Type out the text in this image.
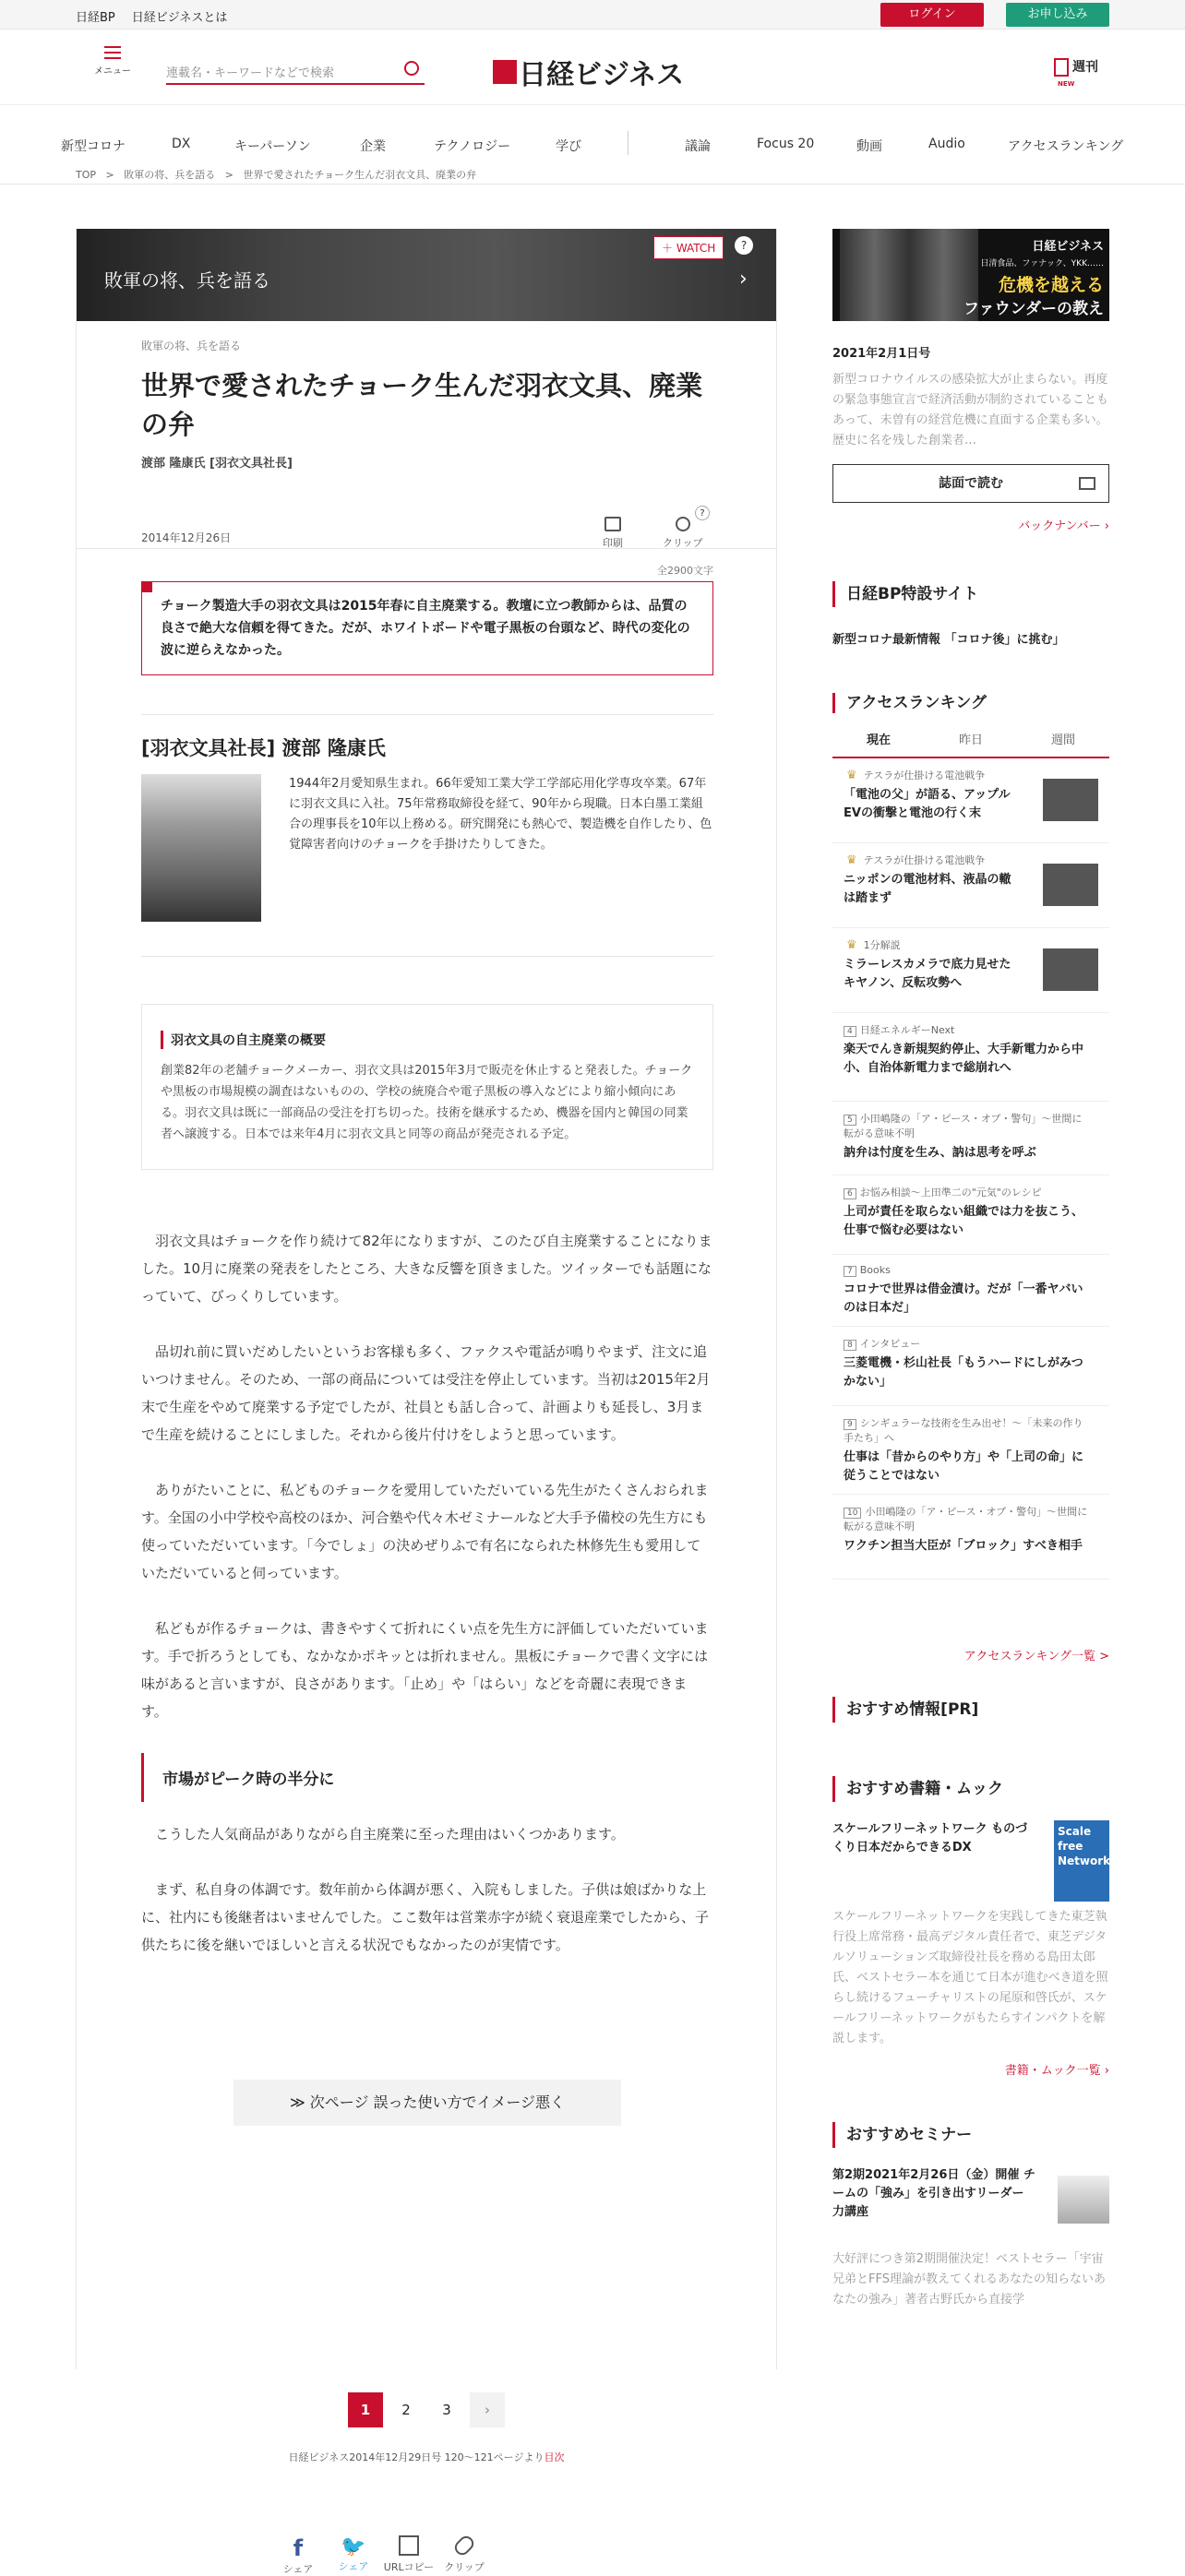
日経BP 日経ビジネスとは	ログイン	お申し込み
メニュー	連載名・キーワードなどで検索	日経ビジネス	NEW
週刊
新型コロナ	DX	キーパーソン	企業	テクノロジー	学び	議論	Focus 20	動画	Audio	アクセスランキング
TOP > 敗軍の将、兵を語る > 世界で愛されたチョーク生んだ羽衣文具、廃業の弁
敗軍の将、兵を語る
＋ WATCH	?
›
敗軍の将、兵を語る
世界で愛されたチョーク生んだ羽衣文具、廃業の弁
渡部 隆康氏 [羽衣文具社長]
2014年12月26日	印刷	クリップ
?
全2900文字
チョーク製造大手の羽衣文具は2015年春に自主廃業する。教壇に立つ教師からは、品質の良さで絶大な信頼を得てきた。だが、ホワイトボードや電子黒板の台頭など、時代の変化の波に逆らえなかった。
[羽衣文具社長] 渡部 隆康氏
1944年2月愛知県生まれ。66年愛知工業大学工学部応用化学専攻卒業。67年に羽衣文具に入社。75年常務取締役を経て、90年から現職。日本白墨工業組合の理事長を10年以上務める。研究開発にも熱心で、製造機を自作したり、色覚障害者向けのチョークを手掛けたりしてきた。
羽衣文具の自主廃業の概要
創業82年の老舗チョークメーカー、羽衣文具は2015年3月で販売を休止すると発表した。チョークや黒板の市場規模の調査はないものの、学校の統廃合や電子黒板の導入などにより縮小傾向にある。羽衣文具は既に一部商品の受注を打ち切った。技術を継承するため、機器を国内と韓国の同業者へ譲渡する。日本では来年4月に羽衣文具と同等の商品が発売される予定。

羽衣文具はチョークを作り続けて82年になりますが、このたび自主廃業することになりました。10月に廃業の発表をしたところ、大きな反響を頂きました。ツイッターでも話題になっていて、びっくりしています。

品切れ前に買いだめしたいというお客様も多く、ファクスや電話が鳴りやまず、注文に追いつけません。そのため、一部の商品については受注を停止しています。当初は2015年2月末で生産をやめて廃業する予定でしたが、社員とも話し合って、計画よりも延長し、3月まで生産を続けることにしました。それから後片付けをしようと思っています。

ありがたいことに、私どものチョークを愛用していただいている先生がたくさんおられます。全国の小中学校や高校のほか、河合塾や代々木ゼミナールなど大手予備校の先生方にも使っていただいています。「今でしょ」の決めぜりふで有名になられた林修先生も愛用していただいていると伺っています。

私どもが作るチョークは、書きやすくて折れにくい点を先生方に評価していただいています。手で折ろうとしても、なかなかポキッとは折れません。黒板にチョークで書く文字には味があると言いますが、良さがあります。「止め」や「はらい」などを奇麗に表現できます。

市場がピーク時の半分に

こうした人気商品がありながら自主廃業に至った理由はいくつかあります。

まず、私自身の体調です。数年前から体調が悪く、入院もしました。子供は娘ばかりな上に、社内にも後継者はいませんでした。ここ数年は営業赤字が続く衰退産業でしたから、子供たちに後を継いでほしいと言える状況でもなかったのが実情です。

≫ 次ページ 誤った使い方でイメージ悪く
1	2	3	›
日経ビジネス2014年12月29日号 120～121ページより目次
f
シェア
🐦
シェア	URLコピー	クリップ
日経ビジネス
日清食品、ファナック、YKK……
危機を越える
ファウンダーの教え
2021年2月1日号
新型コロナウイルスの感染拡大が止まらない。再度の緊急事態宣言で経済活動が制約されていることもあって、未曽有の経営危機に直面する企業も多い。歴史に名を残した創業者…
誌面で読む
バックナンバー ›
日経BP特設サイト
新型コロナ最新情報 「コロナ後」に挑む」
アクセスランキング
現在	昨日	週間
♛ テスラが仕掛ける電池戦争
「電池の父」が語る、アップルEVの衝撃と電池の行く末
♛ テスラが仕掛ける電池戦争
ニッポンの電池材料、液晶の轍は踏まず
♛ 1分解説
ミラーレスカメラで底力見せたキヤノン、反転攻勢へ
4 日経エネルギーNext
楽天でんき新規契約停止、大手新電力から中小、自治体新電力まで総崩れへ
5 小田嶋隆の「ア・ピース・オブ・警句」～世間に転がる意味不明
訥弁は忖度を生み、訥は思考を呼ぶ
6 お悩み相談～上田準二の"元気"のレシピ
上司が責任を取らない組織では力を抜こう、仕事で悩む必要はない
7 Books
コロナで世界は借金漬け。だが「一番ヤバいのは日本だ」
8 インタビュー
三菱電機・杉山社長「もうハードにしがみつかない」
9 シンギュラーな技術を生み出せ！～「未来の作り手たち」へ
仕事は「昔からのやり方」や「上司の命」に従うことではない
10 小田嶋隆の「ア・ピース・オブ・警句」～世間に転がる意味不明
ワクチン担当大臣が「ブロック」すべき相手
アクセスランキング一覧 >
おすすめ情報[PR]
おすすめ書籍・ムック
スケールフリーネットワーク ものづくり日本だからできるDX
Scale free Network
スケールフリーネットワークを実践してきた東芝執行役上席常務・最高デジタル責任者で、東芝デジタルソリューションズ取締役社長を務める島田太郎氏、ベストセラー本を通じて日本が進むべき道を照らし続けるフューチャリストの尾原和啓氏が、スケールフリーネットワークがもたらすインパクトを解説します。
書籍・ムック一覧 ›
おすすめセミナー
第2期2021年2月26日（金）開催 チームの「強み」を引き出すリーダー力講座
大好評につき第2期開催決定！ベストセラー「宇宙兄弟とFFS理論が教えてくれるあなたの知らないあなたの強み」著者古野氏から直接学
